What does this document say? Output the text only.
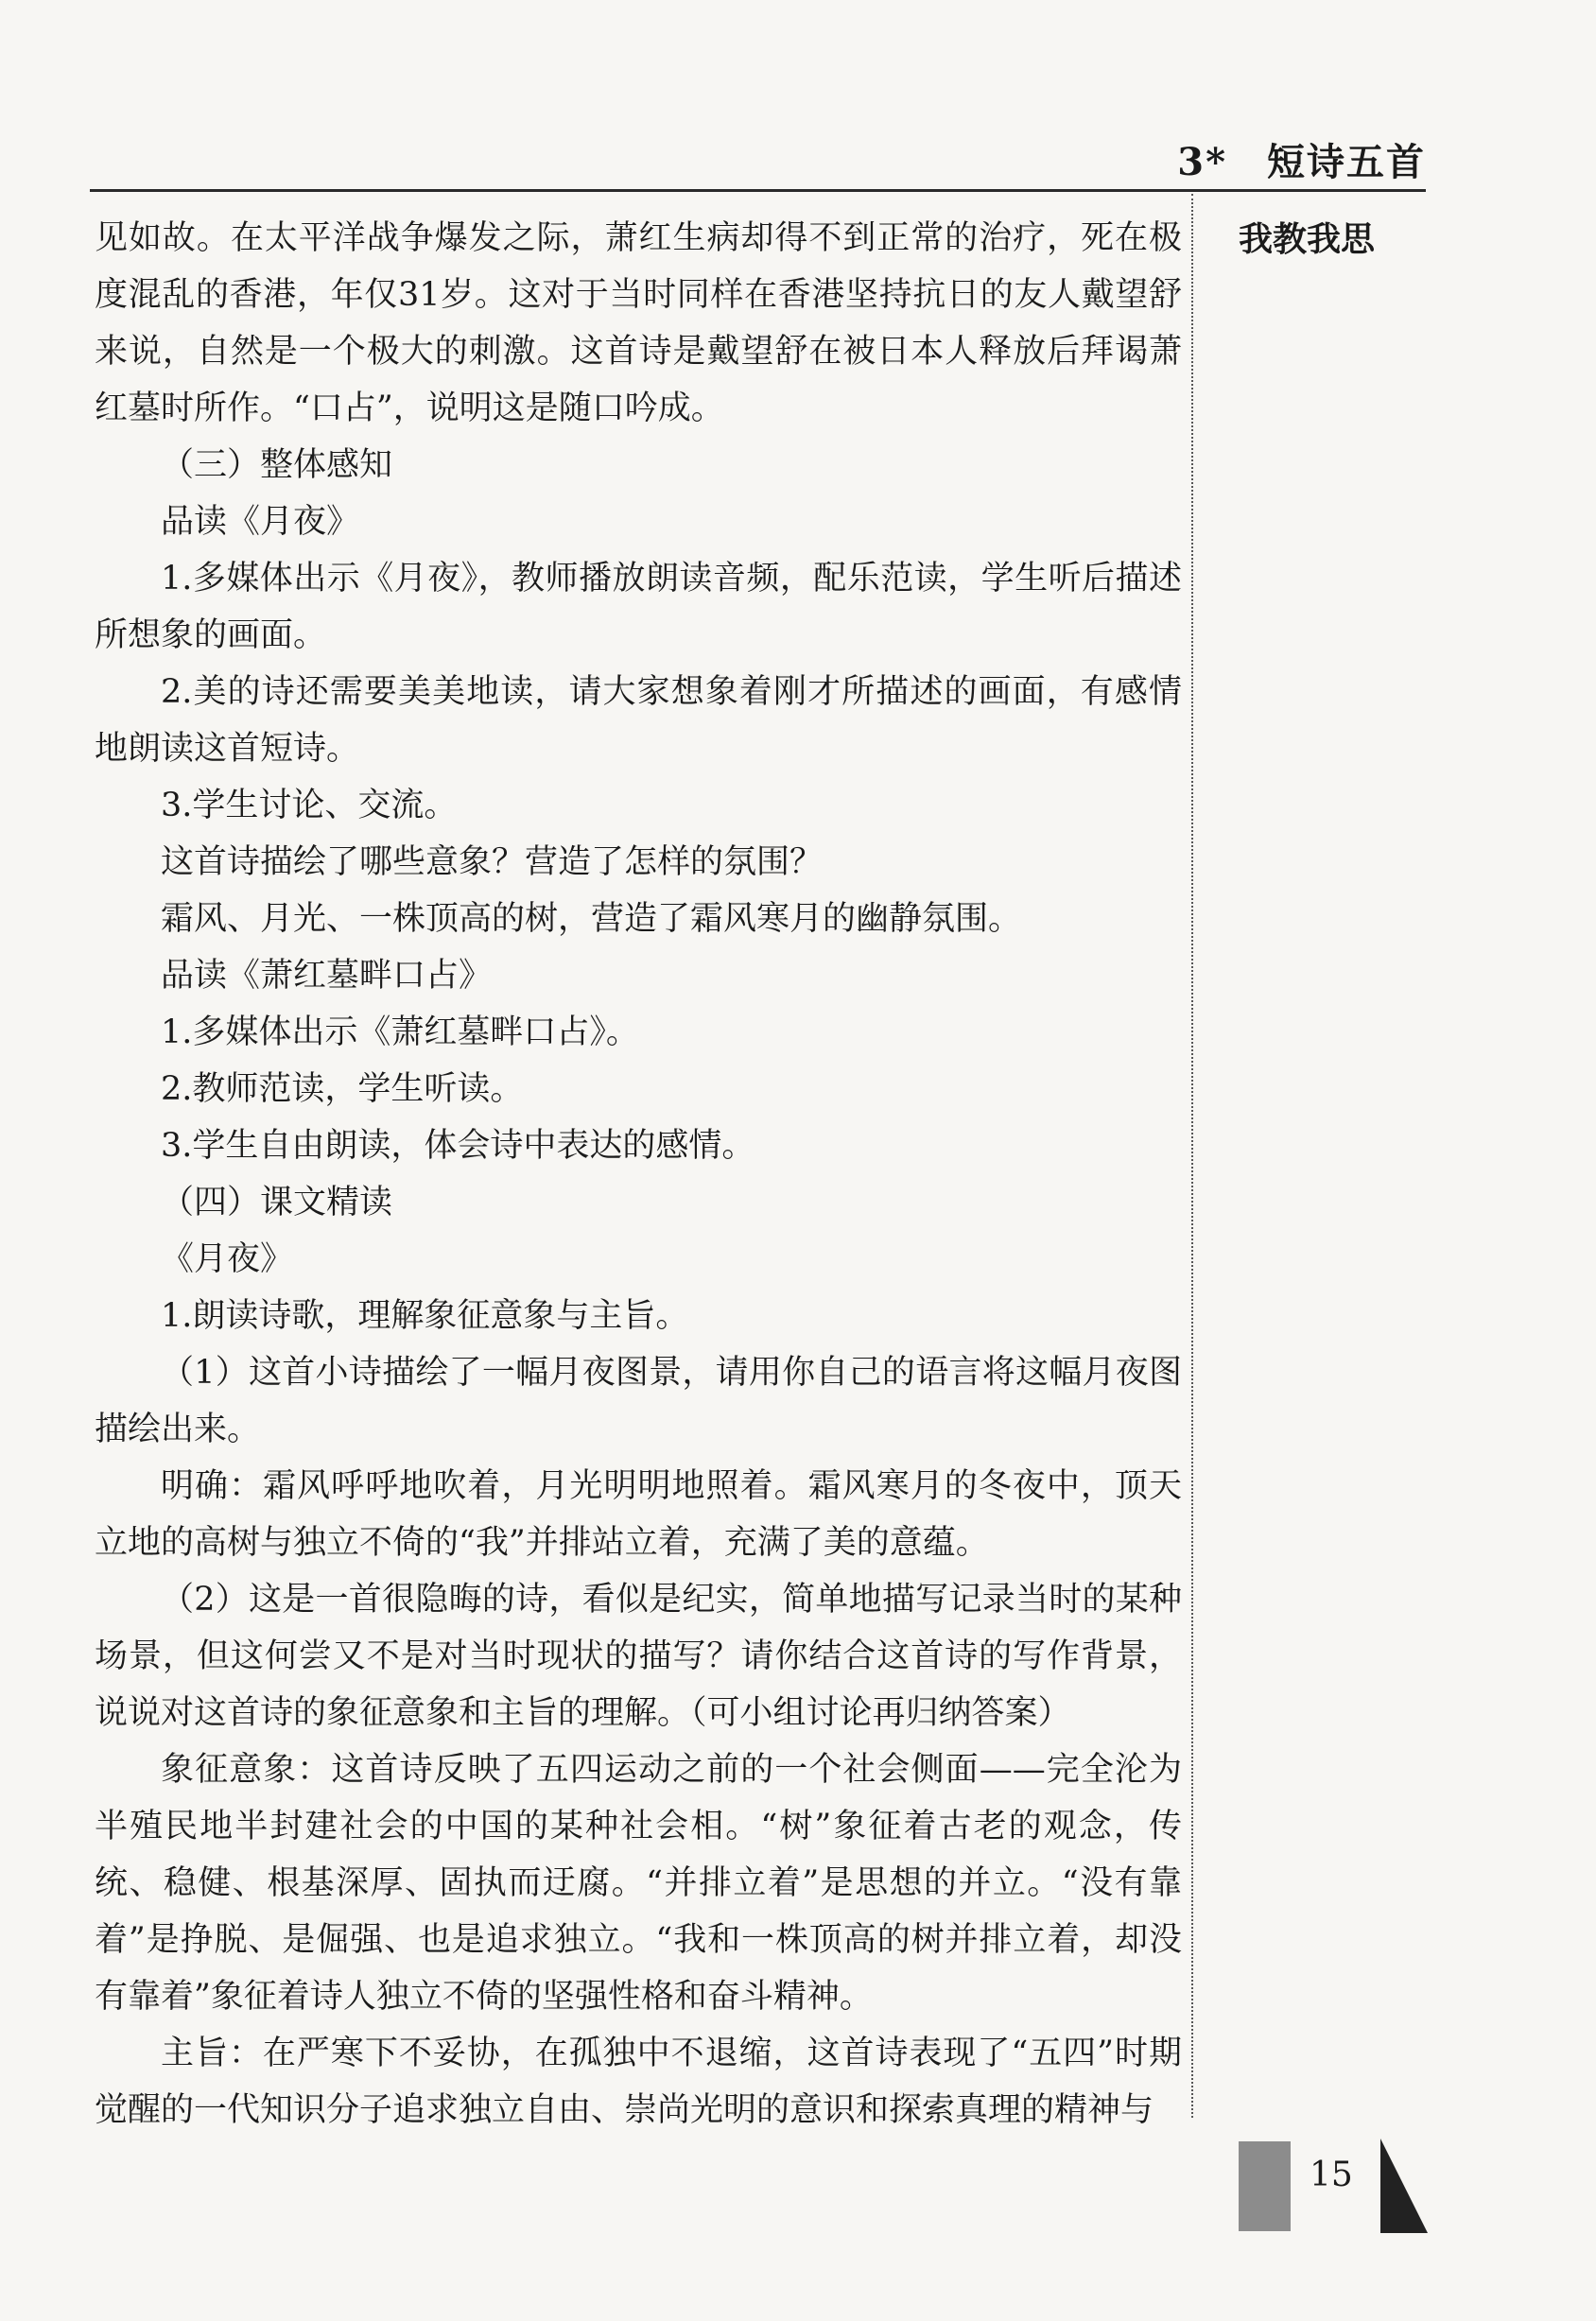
3*　短诗五首

见如故。在太平洋战争爆发之际，萧红生病却得不到正常的治疗，死在极度混乱的香港，年仅31岁。这对于当时同样在香港坚持抗日的友人戴望舒来说，自然是一个极大的刺激。这首诗是戴望舒在被日本人释放后拜谒萧红墓时所作。“口占”，说明这是随口吟成。

（三）整体感知

品读《月夜》

1.多媒体出示《月夜》，教师播放朗读音频，配乐范读，学生听后描述所想象的画面。

2.美的诗还需要美美地读，请大家想象着刚才所描述的画面，有感情地朗读这首短诗。

3.学生讨论、交流。

这首诗描绘了哪些意象？营造了怎样的氛围？

霜风、月光、一株顶高的树，营造了霜风寒月的幽静氛围。

品读《萧红墓畔口占》

1.多媒体出示《萧红墓畔口占》。

2.教师范读，学生听读。

3.学生自由朗读，体会诗中表达的感情。

（四）课文精读

《月夜》

1.朗读诗歌，理解象征意象与主旨。

（1）这首小诗描绘了一幅月夜图景，请用你自己的语言将这幅月夜图描绘出来。

明确：霜风呼呼地吹着，月光明明地照着。霜风寒月的冬夜中，顶天立地的高树与独立不倚的“我”并排站立着，充满了美的意蕴。

（2）这是一首很隐晦的诗，看似是纪实，简单地描写记录当时的某种场景，但这何尝又不是对当时现状的描写？请你结合这首诗的写作背景，说说对这首诗的象征意象和主旨的理解。（可小组讨论再归纳答案）

象征意象：这首诗反映了五四运动之前的一个社会侧面——完全沦为半殖民地半封建社会的中国的某种社会相。“树”象征着古老的观念，传统、稳健、根基深厚、固执而迂腐。“并排立着”是思想的并立。“没有靠着”是挣脱、是倔强、也是追求独立。“我和一株顶高的树并排立着，却没有靠着”象征着诗人独立不倚的坚强性格和奋斗精神。

主旨：在严寒下不妥协，在孤独中不退缩，这首诗表现了“五四”时期觉醒的一代知识分子追求独立自由、崇尚光明的意识和探索真理的精神与

我教我思
15
